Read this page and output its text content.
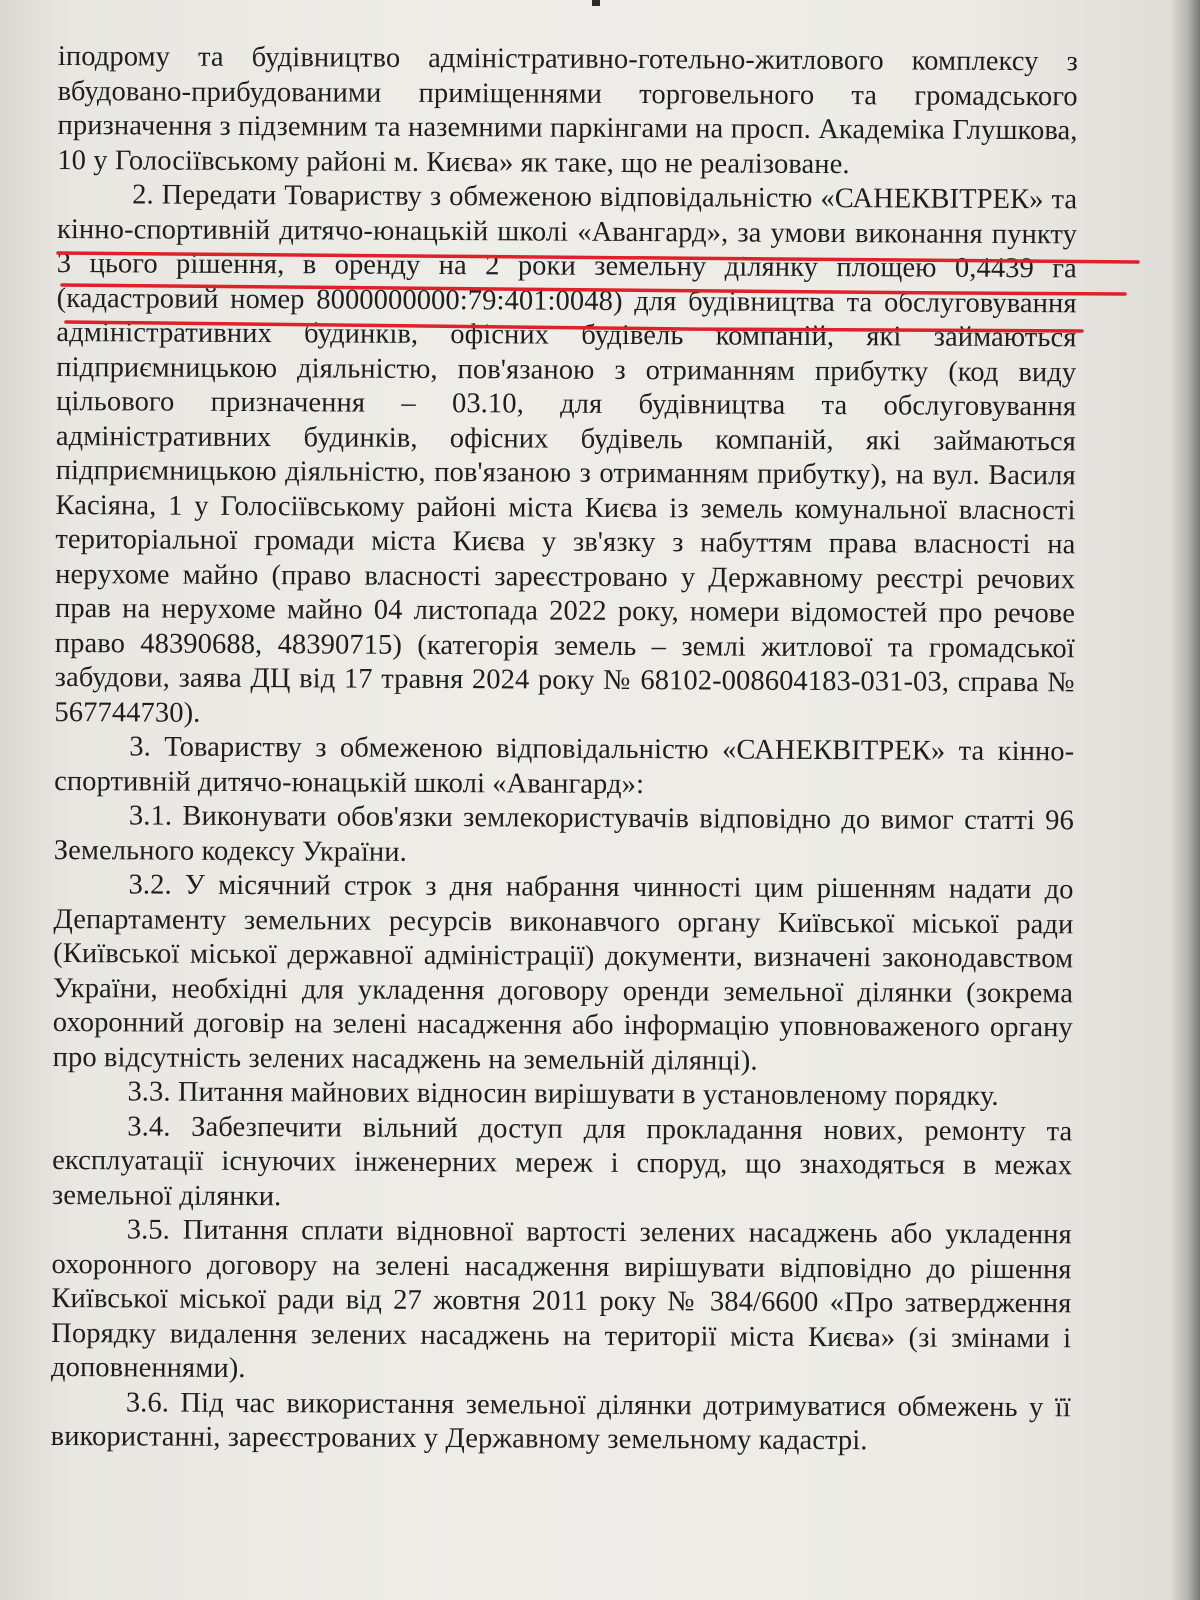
іподрому та будівництво адміністративно-готельно-житлового комплексу з вбудовано-прибудованими приміщеннями торговельного та громадського призначення з підземним та наземними паркінгами на просп. Академіка Глушкова, 10 у Голосіївському районі м. Києва» як таке, що не реалізоване.

2. Передати Товариству з обмеженою відповідальністю «САНЕКВІТРЕК» та кінно-спортивній дитячо-юнацькій школі «Авангард», за умови виконання пункту 3 цього рішення, в оренду на 2 роки земельну ділянку площею 0,4439 га (кадастровий номер 8000000000:79:401:0048) для будівництва та обслуговування адміністративних будинків, офісних будівель компаній, які займаються підприємницькою діяльністю, пов'язаною з отриманням прибутку (код виду цільового призначення – 03.10, для будівництва та обслуговування адміністративних будинків, офісних будівель компаній, які займаються підприємницькою діяльністю, пов'язаною з отриманням прибутку), на вул. Василя Касіяна, 1 у Голосіївському районі міста Києва із земель комунальної власності територіальної громади міста Києва у зв'язку з набуттям права власності на нерухоме майно (право власності зареєстровано у Державному реєстрі речових прав на нерухоме майно 04 листопада 2022 року, номери відомостей про речове право 48390688, 48390715) (категорія земель – землі житлової та громадської забудови, заява ДЦ від 17 травня 2024 року № 68102-008604183-031-03, справа № 567744730).

3. Товариству з обмеженою відповідальністю «САНЕКВІТРЕК» та кінно-спортивній дитячо-юнацькій школі «Авангард»:

3.1. Виконувати обов'язки землекористувачів відповідно до вимог статті 96 Земельного кодексу України.

3.2. У місячний строк з дня набрання чинності цим рішенням надати до Департаменту земельних ресурсів виконавчого органу Київської міської ради (Київської міської державної адміністрації) документи, визначені законодавством України, необхідні для укладення договору оренди земельної ділянки (зокрема охоронний договір на зелені насадження або інформацію уповноваженого органу про відсутність зелених насаджень на земельній ділянці).

3.3. Питання майнових відносин вирішувати в установленому порядку.

3.4. Забезпечити вільний доступ для прокладання нових, ремонту та експлуатації існуючих інженерних мереж і споруд, що знаходяться в межах земельної ділянки.

3.5. Питання сплати відновної вартості зелених насаджень або укладення охоронного договору на зелені насадження вирішувати відповідно до рішення Київської міської ради від 27 жовтня 2011 року № 384/6600 «Про затвердження Порядку видалення зелених насаджень на території міста Києва» (зі змінами і доповненнями).

3.6. Під час використання земельної ділянки дотримуватися обмежень у її використанні, зареєстрованих у Державному земельному кадастрі.
